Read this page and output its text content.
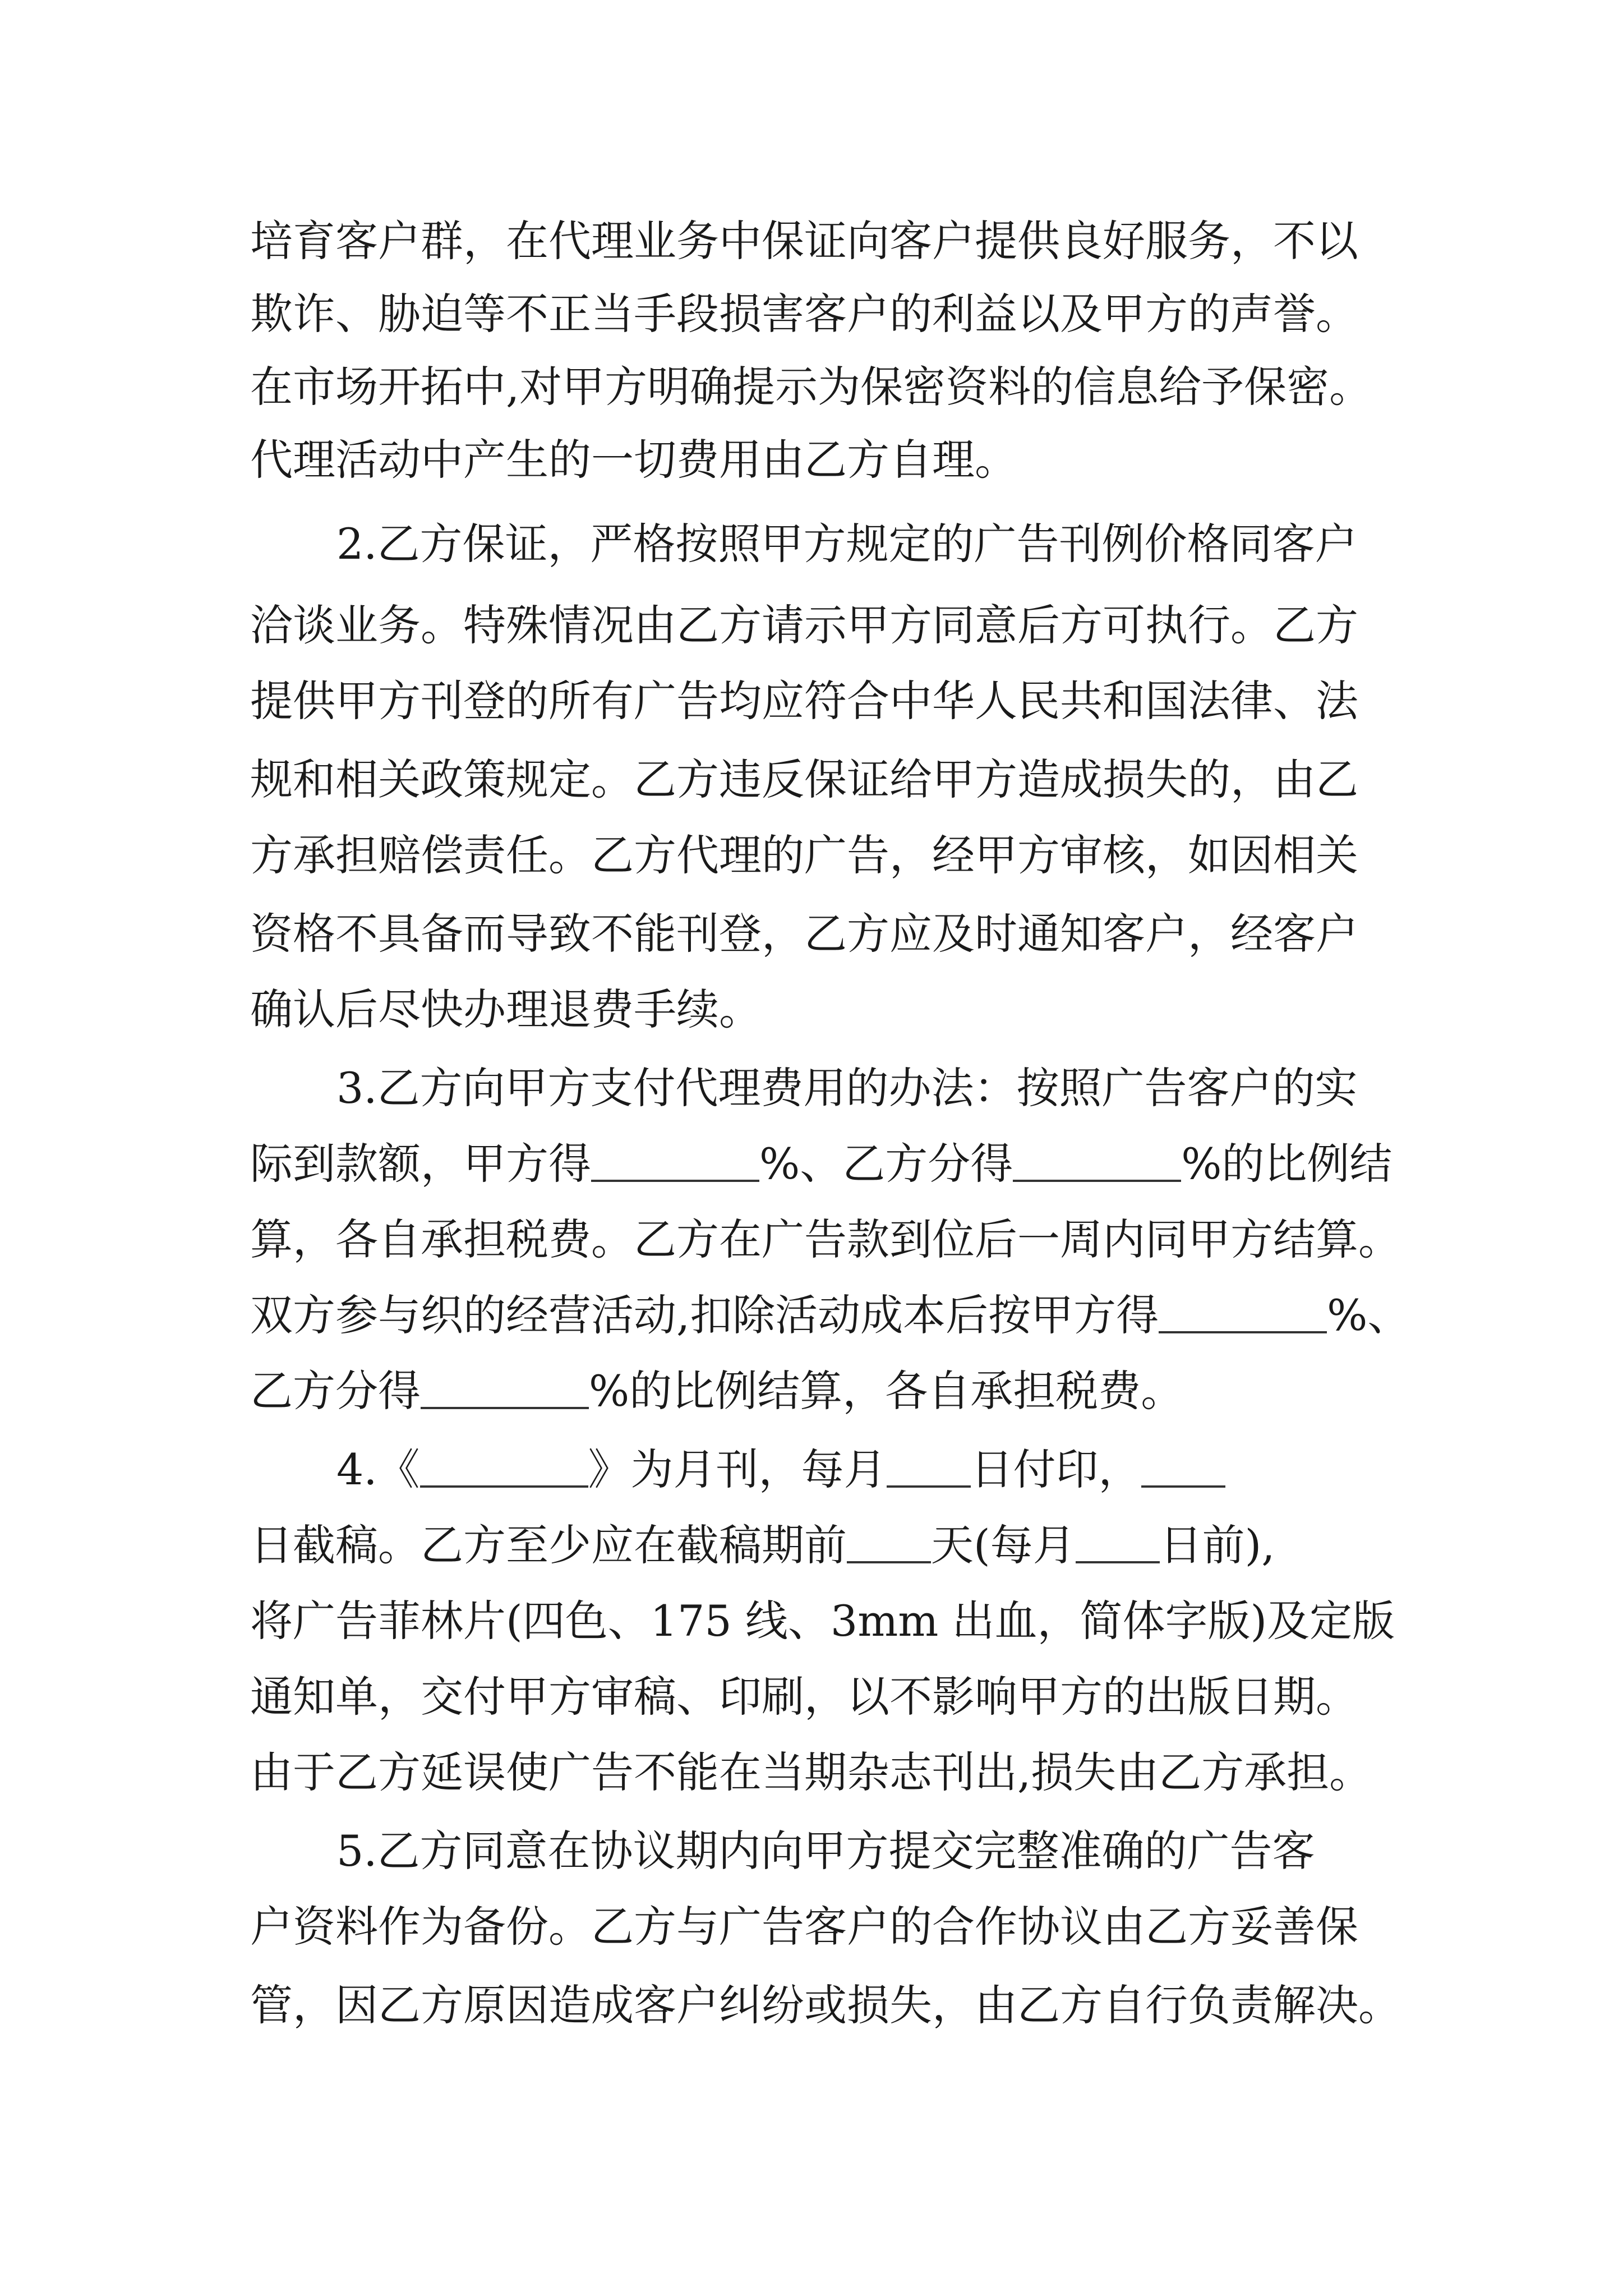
培育客户群，在代理业务中保证向客户提供良好服务，不以
欺诈、胁迫等不正当手段损害客户的利益以及甲方的声誉。
在市场开拓中,对甲方明确提示为保密资料的信息给予保密。
代理活动中产生的一切费用由乙方自理。
2.乙方保证，严格按照甲方规定的广告刊例价格同客户
洽谈业务。特殊情况由乙方请示甲方同意后方可执行。乙方
提供甲方刊登的所有广告均应符合中华人民共和国法律、法
规和相关政策规定。乙方违反保证给甲方造成损失的，由乙
方承担赔偿责任。乙方代理的广告，经甲方审核，如因相关
资格不具备而导致不能刊登，乙方应及时通知客户，经客户
确认后尽快办理退费手续。
3.乙方向甲方支付代理费用的办法：按照广告客户的实
际到款额，甲方得	%、乙方分得	%的比例结
算，各自承担税费。乙方在广告款到位后一周内同甲方结算。
双方参与织的经营活动,扣除活动成本后按甲方得	%、
乙方分得	%的比例结算，各自承担税费。
4.《	》为月刊，每月 日付印，
日截稿。乙方至少应在截稿期前 天(每月 日前),
将广告菲林片(四色、175 线、3mm 出血，简体字版)及定版
通知单，交付甲方审稿、印刷，以不影响甲方的出版日期。
由于乙方延误使广告不能在当期杂志刊出,损失由乙方承担。
5.乙方同意在协议期内向甲方提交完整准确的广告客
户资料作为备份。乙方与广告客户的合作协议由乙方妥善保
管，因乙方原因造成客户纠纷或损失，由乙方自行负责解决。
